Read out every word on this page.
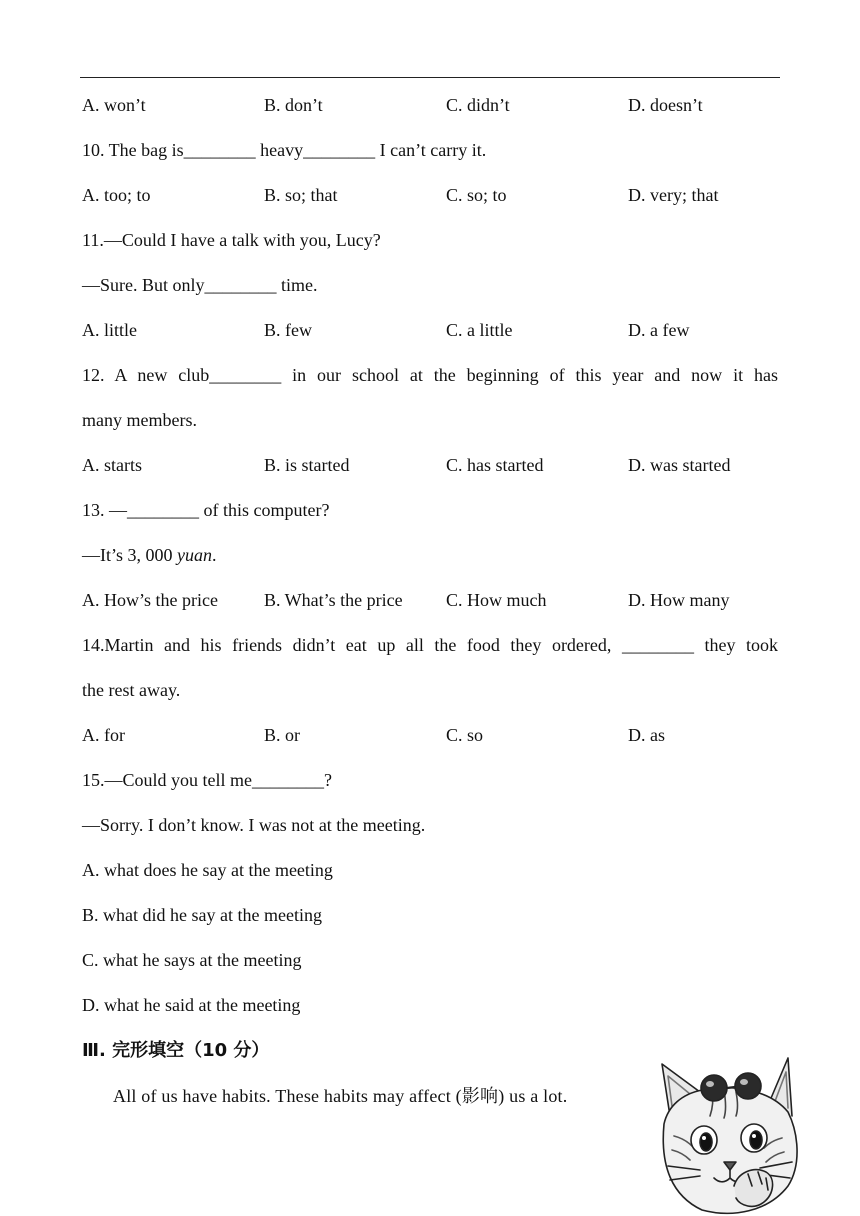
A. won’t	B. don’t	C. didn’t	D. doesn’t
10. The bag is________ heavy________ I can’t carry it.
A. too; to	B. so; that	C. so; to	D. very; that
11.—Could I have a talk with you, Lucy?
—Sure. But only________ time.
A. little	B. few	C. a little	D. a few
12. A new club________ in our school at the beginning of this year and now it has
many members.
A. starts	B. is started	C. has started	D. was started
13. —________ of this computer?
—It’s 3, 000 yuan.
A. How’s the price	B. What’s the price C. How much	D. How many
14.Martin and his friends didn’t eat up all the food they ordered, ________ they took
the rest away.
A. for	B. or	C. so	D. as
15.—Could you tell me________?
—Sorry. I don’t know. I was not at the meeting.
A. what does he say at the meeting
B. what did he say at the meeting
C. what he says at the meeting
D. what he said at the meeting
Ⅲ. 完形填空（10 分）
All of us have habits. These habits may affect (影响) us a lot.
